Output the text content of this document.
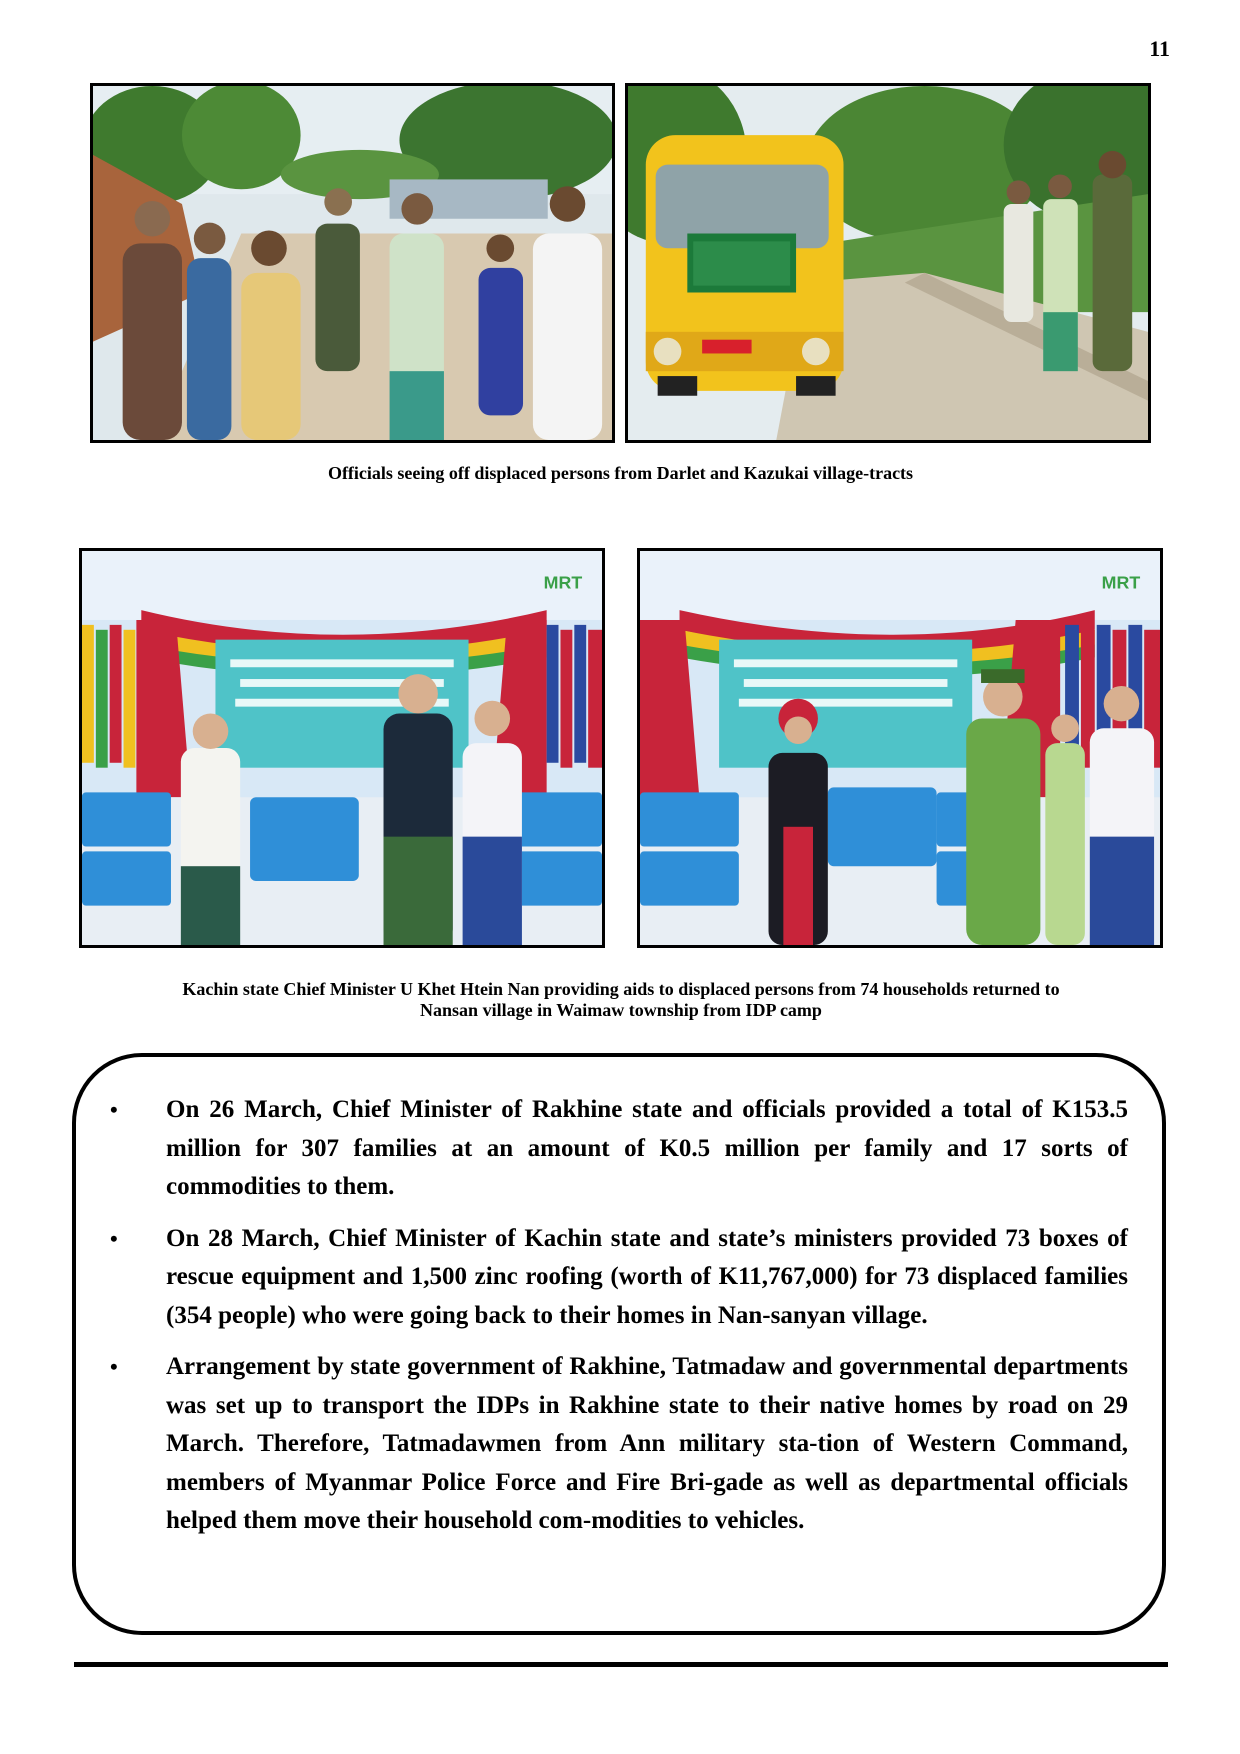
11
Officials seeing off displaced persons from Darlet and Kazukai village-tracts
MRT	MRT
Kachin state Chief Minister U Khet Htein Nan providing aids to displaced persons from 74 households returned to
Nansan village in Waimaw township from IDP camp
• On 26 March, Chief Minister of Rakhine state and officials provided a total of K153.5 million for 307 families at an amount of K0.5 million per family and 17 sorts of commodities to them.
• On 28 March, Chief Minister of Kachin state and state’s ministers provided 73 boxes of rescue equipment and 1,500 zinc roofing (worth of K11,767,000) for 73 displaced families (354 people) who were going back to their homes in Nan-sanyan village.
• Arrangement by state government of Rakhine, Tatmadaw and governmental departments was set up to transport the IDPs in Rakhine state to their native homes by road on 29 March. Therefore, Tatmadawmen from Ann military sta-tion of Western Command, members of Myanmar Police Force and Fire Bri-gade as well as departmental officials helped them move their household com-modities to vehicles.
